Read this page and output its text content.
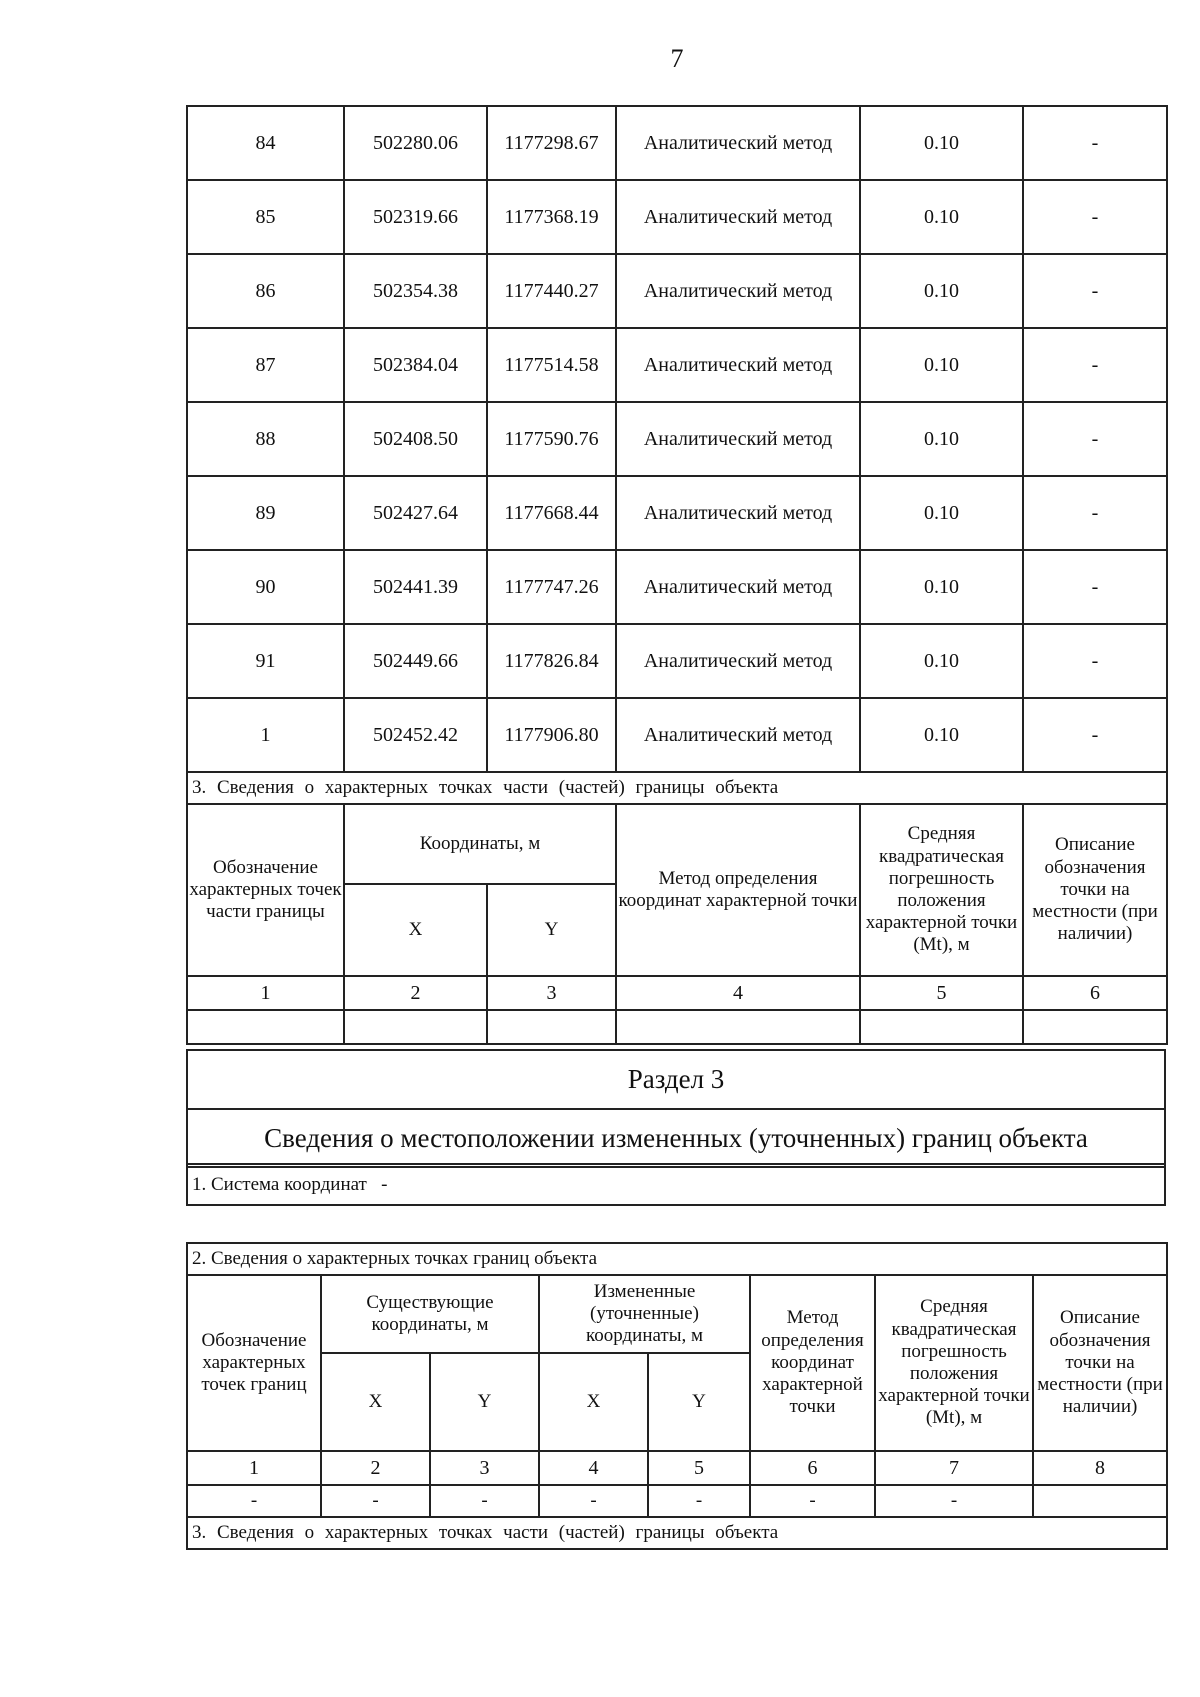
7
84	502280.06	1177298.67	Аналитический метод	0.10	-
85	502319.66	1177368.19	Аналитический метод	0.10	-
86	502354.38	1177440.27	Аналитический метод	0.10	-
87	502384.04	1177514.58	Аналитический метод	0.10	-
88	502408.50	1177590.76	Аналитический метод	0.10	-
89	502427.64	1177668.44	Аналитический метод	0.10	-
90	502441.39	1177747.26	Аналитический метод	0.10	-
91	502449.66	1177826.84	Аналитический метод	0.10	-
1	502452.42	1177906.80	Аналитический метод	0.10	-
3. Сведения о характерных точках части (частей) границы объекта					
Обозначение характерных точек части границы	Координаты, м		Метод определения координат характерной точки	Средняя квадратическая погрешность положения характерной точки (Mt), м	Описание обозначения точки на местности (при наличии)
	X	Y			
1	2	3	4	5	6

Раздел 3
Сведения о местоположении измененных (уточненных) границ объекта
1. Система координат -
2. Сведения о характерных точках границ объекта							
Обозначение характерных точек границ	Существующие координаты, м		Измененные (уточненные) координаты, м		Метод определения координат характерной точки	Средняя квадратическая погрешность положения характерной точки (Mt), м	Описание обозначения точки на местности (при наличии)
	X	Y	X	Y			
1	2	3	4	5	6	7	8
-	-	-	-	-	-	-	
3. Сведения о характерных точках части (частей) границы объекта							
